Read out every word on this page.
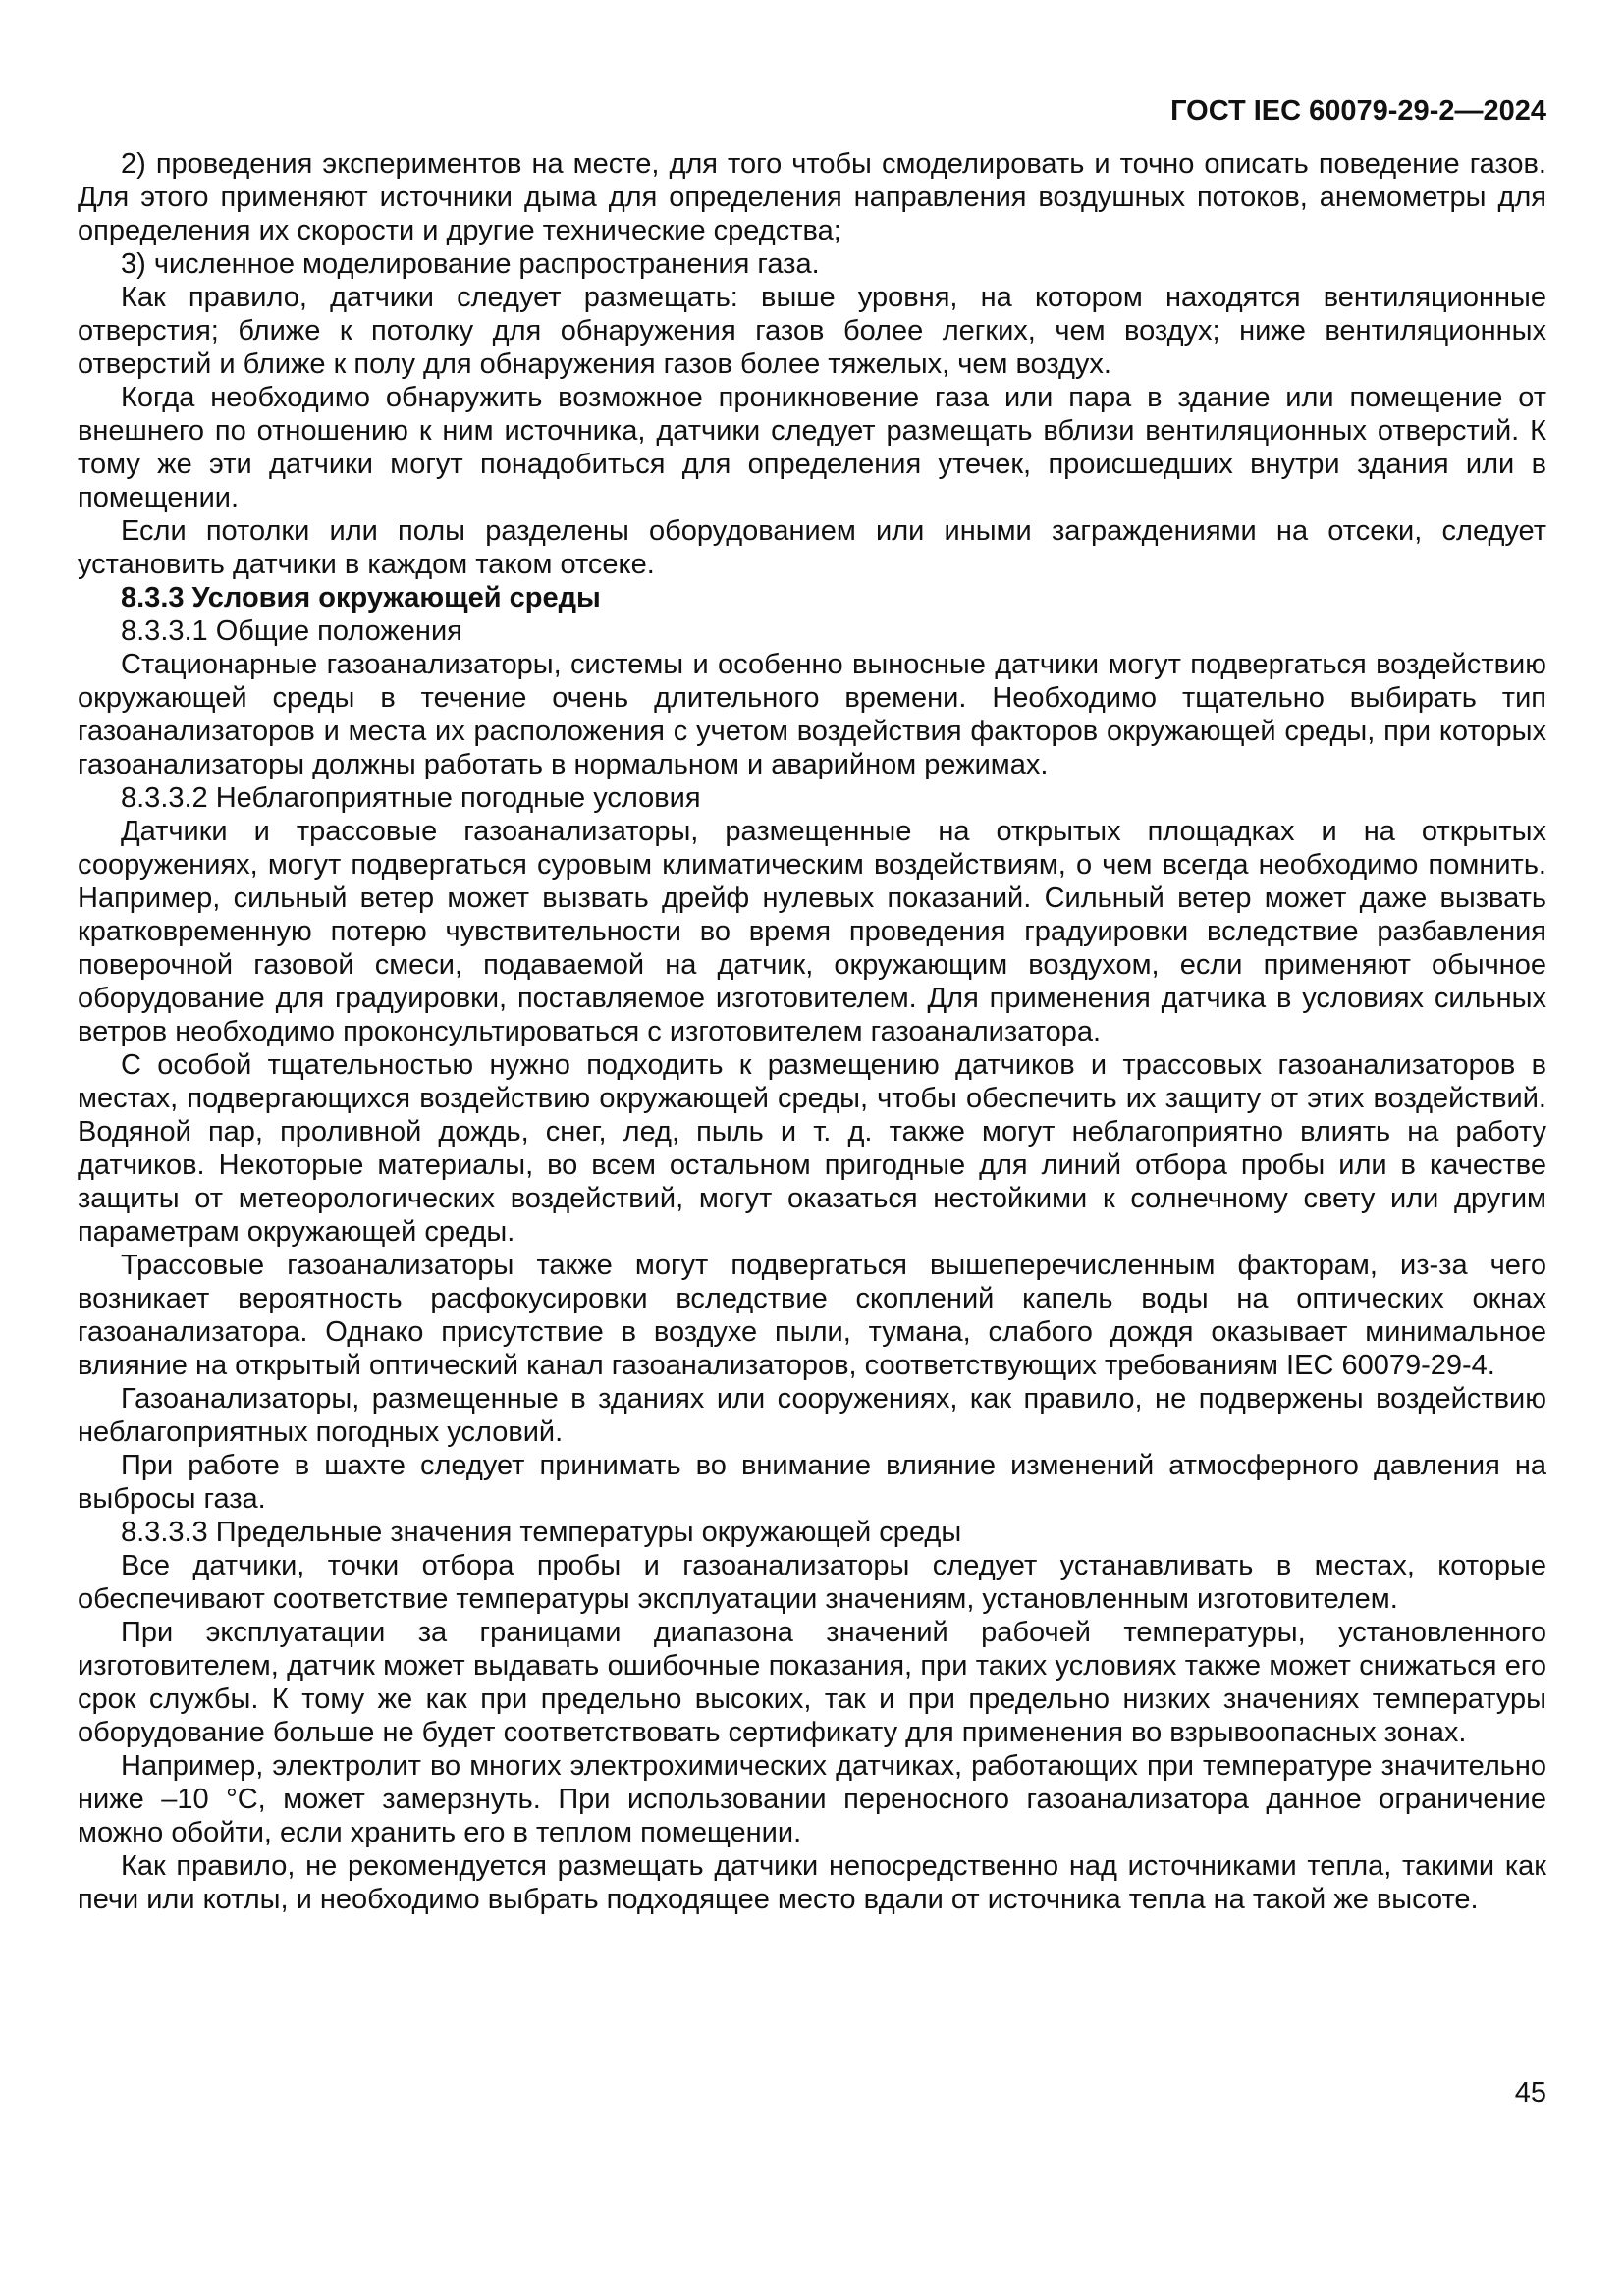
ГОСТ IEC 60079-29-2—2024

2) проведения экспериментов на месте, для того чтобы смоделировать и точно описать поведение газов. Для этого применяют источники дыма для определения направления воздушных потоков, анемометры для определения их скорости и другие технические средства;

3) численное моделирование распространения газа.

Как правило, датчики следует размещать: выше уровня, на котором находятся вентиляционные отверстия; ближе к потолку для обнаружения газов более легких, чем воздух; ниже вентиляционных отверстий и ближе к полу для обнаружения газов более тяжелых, чем воздух.

Когда необходимо обнаружить возможное проникновение газа или пара в здание или помещение от внешнего по отношению к ним источника, датчики следует размещать вблизи вентиляционных отверстий. К тому же эти датчики могут понадобиться для определения утечек, происшедших внутри здания или в помещении.

Если потолки или полы разделены оборудованием или иными заграждениями на отсеки, следует установить датчики в каждом таком отсеке.

8.3.3 Условия окружающей среды

8.3.3.1 Общие положения

Стационарные газоанализаторы, системы и особенно выносные датчики могут подвергаться воздействию окружающей среды в течение очень длительного времени. Необходимо тщательно выбирать тип газоанализаторов и места их расположения с учетом воздействия факторов окружающей среды, при которых газоанализаторы должны работать в нормальном и аварийном режимах.

8.3.3.2 Неблагоприятные погодные условия

Датчики и трассовые газоанализаторы, размещенные на открытых площадках и на открытых сооружениях, могут подвергаться суровым климатическим воздействиям, о чем всегда необходимо помнить. Например, сильный ветер может вызвать дрейф нулевых показаний. Сильный ветер может даже вызвать кратковременную потерю чувствительности во время проведения градуировки вследствие разбавления поверочной газовой смеси, подаваемой на датчик, окружающим воздухом, если применяют обычное оборудование для градуировки, поставляемое изготовителем. Для применения датчика в условиях сильных ветров необходимо проконсультироваться с изготовителем газоанализатора.

С особой тщательностью нужно подходить к размещению датчиков и трассовых газоанализаторов в местах, подвергающихся воздействию окружающей среды, чтобы обеспечить их защиту от этих воздействий. Водяной пар, проливной дождь, снег, лед, пыль и т. д. также могут неблагоприятно влиять на работу датчиков. Некоторые материалы, во всем остальном пригодные для линий отбора пробы или в качестве защиты от метеорологических воздействий, могут оказаться нестойкими к солнечному свету или другим параметрам окружающей среды.

Трассовые газоанализаторы также могут подвергаться вышеперечисленным факторам, из-за чего возникает вероятность расфокусировки вследствие скоплений капель воды на оптических окнах газоанализатора. Однако присутствие в воздухе пыли, тумана, слабого дождя оказывает минимальное влияние на открытый оптический канал газоанализаторов, соответствующих требованиям IEC 60079-29-4.

Газоанализаторы, размещенные в зданиях или сооружениях, как правило, не подвержены воздействию неблагоприятных погодных условий.

При работе в шахте следует принимать во внимание влияние изменений атмосферного давления на выбросы газа.

8.3.3.3 Предельные значения температуры окружающей среды

Все датчики, точки отбора пробы и газоанализаторы следует устанавливать в местах, которые обеспечивают соответствие температуры эксплуатации значениям, установленным изготовителем.

При эксплуатации за границами диапазона значений рабочей температуры, установленного изготовителем, датчик может выдавать ошибочные показания, при таких условиях также может снижаться его срок службы. К тому же как при предельно высоких, так и при предельно низких значениях температуры оборудование больше не будет соответствовать сертификату для применения во взрывоопасных зонах.

Например, электролит во многих электрохимических датчиках, работающих при температуре значительно ниже –10 °С, может замерзнуть. При использовании переносного газоанализатора данное ограничение можно обойти, если хранить его в теплом помещении.

Как правило, не рекомендуется размещать датчики непосредственно над источниками тепла, такими как печи или котлы, и необходимо выбрать подходящее место вдали от источника тепла на такой же высоте.

45
